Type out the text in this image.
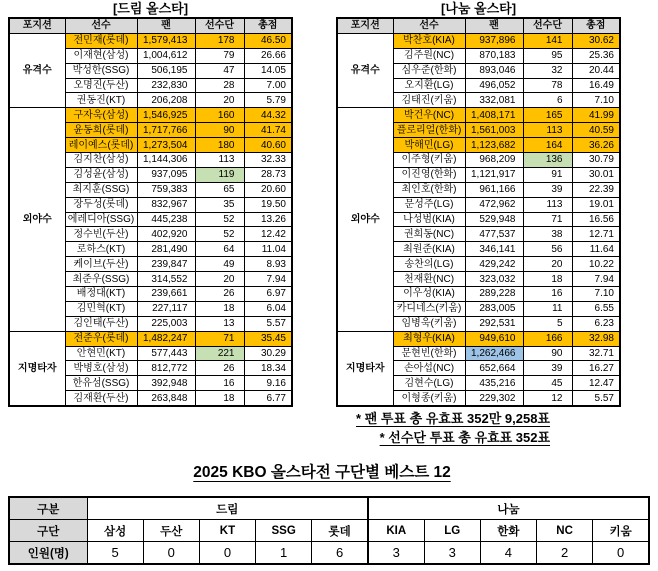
[드림 올스타]
포지션	선수	팬	선수단	총점
유격수	전민재(롯데)	1,579,413	178	46.50
	이재현(삼성)	1,004,612	79	26.66
	박성한(SSG)	506,195	47	14.05
	오명진(두산)	232,830	28	7.00
	권동진(KT)	206,208	20	5.79
외야수	구자욱(삼성)	1,546,925	160	44.32
	윤동희(롯데)	1,717,766	90	41.74
	레이예스(롯데)	1,273,504	180	40.60
	김지찬(삼성)	1,144,306	113	32.33
	김성윤(삼성)	937,095	119	28.73
	최지훈(SSG)	759,383	65	20.60
	장두성(롯데)	832,967	35	19.50
	에레디아(SSG)	445,238	52	13.26
	정수빈(두산)	402,920	52	12.42
	로하스(KT)	281,490	64	11.04
	케이브(두산)	239,847	49	8.93
	최준우(SSG)	314,552	20	7.94
	배정대(KT)	239,661	26	6.97
	김민혁(KT)	227,117	18	6.04
	김인태(두산)	225,003	13	5.57
지명타자	전준우(롯데)	1,482,247	71	35.45
	안현민(KT)	577,443	221	30.29
	박병호(삼성)	812,772	26	18.34
	한유섬(SSG)	392,948	16	9.16
	김재환(두산)	263,848	18	6.77
[나눔 올스타]
포지션	선수	팬	선수단	총점
유격수	박찬호(KIA)	937,896	141	30.62
	김주원(NC)	870,183	95	25.36
	심우준(한화)	893,046	32	20.44
	오지환(LG)	496,052	78	16.49
	김태진(키움)	332,081	6	7.10
외야수	박건우(NC)	1,408,171	165	41.99
	플로리얼(한화)	1,561,003	113	40.59
	박해민(LG)	1,123,682	164	36.26
	이주형(키움)	968,209	136	30.79
	이진영(한화)	1,121,917	91	30.01
	최인호(한화)	961,166	39	22.39
	문성주(LG)	472,962	113	19.01
	나성범(KIA)	529,948	71	16.56
	권희동(NC)	477,537	38	12.71
	최원준(KIA)	346,141	56	11.64
	송찬의(LG)	429,242	20	10.22
	천재환(NC)	323,032	18	7.94
	이우성(KIA)	289,228	16	7.10
	카디네스(키움)	283,005	11	6.55
	임병욱(키움)	292,531	5	6.23
지명타자	최형우(KIA)	949,610	166	32.98
	문현빈(한화)	1,262,466	90	32.71
	손아섭(NC)	652,664	39	16.27
	김현수(LG)	435,216	45	12.47
	이형종(키움)	229,302	12	5.57
* 팬 투표 총 유효표 352만 9,258표
* 선수단 투표 총 유효표 352표
2025 KBO 올스타전 구단별 베스트 12
구분	드림					나눔				
구단	삼성	두산	KT	SSG	롯데	KIA	LG	한화	NC	키움
인원(명)	5	0	0	1	6	3	3	4	2	0
